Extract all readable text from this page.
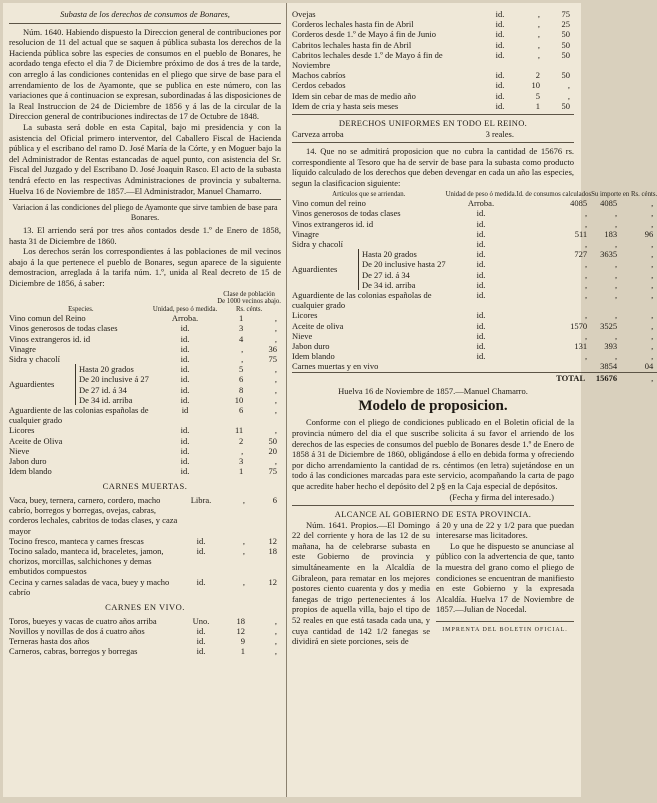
Subasta de los derechos de consumos de Bonares,

Núm. 1640. Habiendo dispuesto la Direccion general de contribuciones por resolucion de 11 del actual que se saquen á pública subasta los derechos de la Hacienda pública sobre las especies de consumos en el pueblo de Bonares, he acordado tenga efecto el dia 7 de Diciembre próximo de dos á tres de la tarde, con arreglo á las condiciones contenidas en el pliego que sirve de base para el arrendamiento de los de Ayamonte, que se publica en este número, con las variaciones que á continuacion se expresan, subordinadas á las disposiciones de la Real Instruccion de 24 de Diciembre de 1856 y á las de la circular de la Direccion general de contribuciones indirectas de 17 de Octubre de 1848.

La subasta será doble en esta Capital, bajo mi presidencia y con la asistencia del Oficial primero interventor, del Caballero Fiscal de Hacienda pública y el escribano del ramo D. José María de la Córte, y en Moguer bajo la del Administrador de Rentas estancadas de aquel punto, con asistencia del Sr. Fiscal del Juzgado y del Escribano D. José Joaquin Rasco. El acto de la subasta tendrá efecto en las respectivas Administraciones de provincia y subalterna. Huelva 16 de Noviembre de 1857.—El Administrador, Manuel Chamarro.

Variacion á las condiciones del pliego de Ayamonte que sirve tambien de base para Bonares.

13. El arriendo será por tres años contados desde 1.º de Enero de 1858, hasta 31 de Diciembre de 1860.

Los derechos serán los correspondientes á las poblaciones de mil vecinos abajo á la que pertenece el pueblo de Bonares, segun aparece de la siguiente demostracion, arreglada á la tarifa núm. 1.º, unida al Real decreto de 15 de Diciembre de 1856, á saber:

Especies.	Unidad, peso ó medida.	Clase de población
De 1000 vecinos abajo.
Rs. cénts.	

Vino comun del Reino	Arroba.	1	,
Vinos generosos de todas clases	id.	3	,
Vinos extrangeros id. id	id.	4	,
Vinagre	id.	,	36
Sidra y chacolí	id.	,	75

Aguardientes
Hasta 20 grados	id.	5	,
De 20 inclusive á 27	id.	6	,
De 27 id. á 34	id.	8	,
De 34 id. arriba	id.	10	,
Aguardiente de las colonias españolas de cualquier grado	id	6	,
Licores	id.	11	,
Aceite de Oliva	id.	2	50
Nieve	id.	,	20
Jabon duro	id.	3	,
Idem blando	id.	1	75

CARNES MUERTAS.

Vaca, buey, ternera, carnero, cordero, macho cabrío, borregos y borregas, ovejas, cabras, corderos lechales, cabritos de todas clases, y caza mayor	Libra.	,	6
Tocino fresco, manteca y carnes frescas	id.	,	12
Tocino salado, manteca id, braceletes, jamon, chorizos, morcillas, salchichones y demas embutidos compuestos	id.	,	18
Cecina y carnes saladas de vaca, buey y macho cabrío	id.	,	12

CARNES EN VIVO.

Toros, bueyes y vacas de cuatro años arriba	Uno.	18	,
Novillos y novillas de dos á cuatro años	id.	12	,
Terneras hasta dos años	id.	9	,
Carneros, cabras, borregos y borregas	id.	1	,
Ovejas	id.	,	75
Corderos lechales hasta fin de Abril	id.	,	25
Corderos desde 1.º de Mayo á fin de Junio	id.	,	50
Cabritos lechales hasta fin de Abril	id.	,	50
Cabritos lechales desde 1.º de Mayo á fin de Noviembre	id.	,	50
Machos cabríos	id.	2	50
Cerdos cebados	id.	10	,
Idem sin cebar de mas de medio año	id.	5	,
Idem de cria y hasta seis meses	id.	1	50

DERECHOS UNIFORMES EN TODO EL REINO.

Carveza arroba	3 reales.

14. Que no se admitirá proposicion que no cubra la cantidad de 15676 rs. correspondiente al Tesoro que ha de servir de base para la subasta como producto líquido calculado de los derechos que deben devengar en cada un año las especies, segun la clasificacion siguiente:

Artículos que se arriendan.	Unidad de peso ó medida.	Id. de consumos calculados	Su importe en Rs. cénts.	
Vino comun del reino	Arroba.	4085	4085	,
Vinos generosos de todas clases	id.	,	,	,
Vinos extrangeros id. id	id.	,	,	,
Vinagre	id.	511	183	96
Sidra y chacolí	id.	,	,	,

Aguardientes
Hasta 20 grados	id.	727	3635	,
De 20 inclusive hasta 27	id.	,	,	,
De 27 id. á 34	id.	,	,	,
De 34 id. arriba	id.	,	,	,
Aguardiente de las colonias españolas de cualquier grado	id.	,	,	,
Licores	id.	,	,	,
Aceite de oliva	id.	1570	3525	,
Nieve	id.	,	,	,
Jabon duro	id.	131	393	,
Idem blando	id.	,	,	,
Carnes muertas y en vivo			3854	04
TOTAL			15676	,

Huelva 16 de Noviembre de 1857.—Manuel Chamarro.

Modelo de proposicion.

Conforme con el pliego de condiciones publicado en el Boletin oficial de la provincia número del dia el que suscribe solicita á su favor el arriendo de los derechos de las especies de consumos del pueblo de Bonares desde 1.º de Enero de 1858 á 31 de Diciembre de 1860, obligándose á ello en debida forma y ofreciendo por dicho arrendamiento la cantidad de rs. céntimos (en letra) sujetándose en un todo á las condiciones marcadas para este servicio, acompañando la carta de pago que acredite haber hecho el depósito del 2 p§ en la Caja especial de depósitos.

(Fecha y firma del interesado.)

ALCANCE AL GOBIERNO DE ESTA PROVINCIA.

Núm. 1641. Propios.—El Domingo 22 del corriente y hora de las 12 de su mañana, ha de celebrarse subasta en este Gobierno de provincia y simultáneamente en la Alcaldía de Gibraleon, para rematar en los mejores postores ciento cuarenta y dos y media fanegas de trigo pertenecientes á los propios de aquella villa, bajo el tipo de 52 reales en que está tasada cada una, y cuya cantidad de 142 1/2 fanegas se dividirá en siete porciones, seis de

á 20 y una de 22 y 1/2 para que puedan interesarse mas licitadores.

Lo que he dispuesto se anunciase al público con la advertencia de que, tanto la muestra del grano como el pliego de condiciones se encuentran de manifiesto en este Gobierno y la expresada Alcaldía. Huelva 17 de Noviembre de 1857.—Julian de Nocedal.

IMPRENTA DEL BOLETIN OFICIAL.
